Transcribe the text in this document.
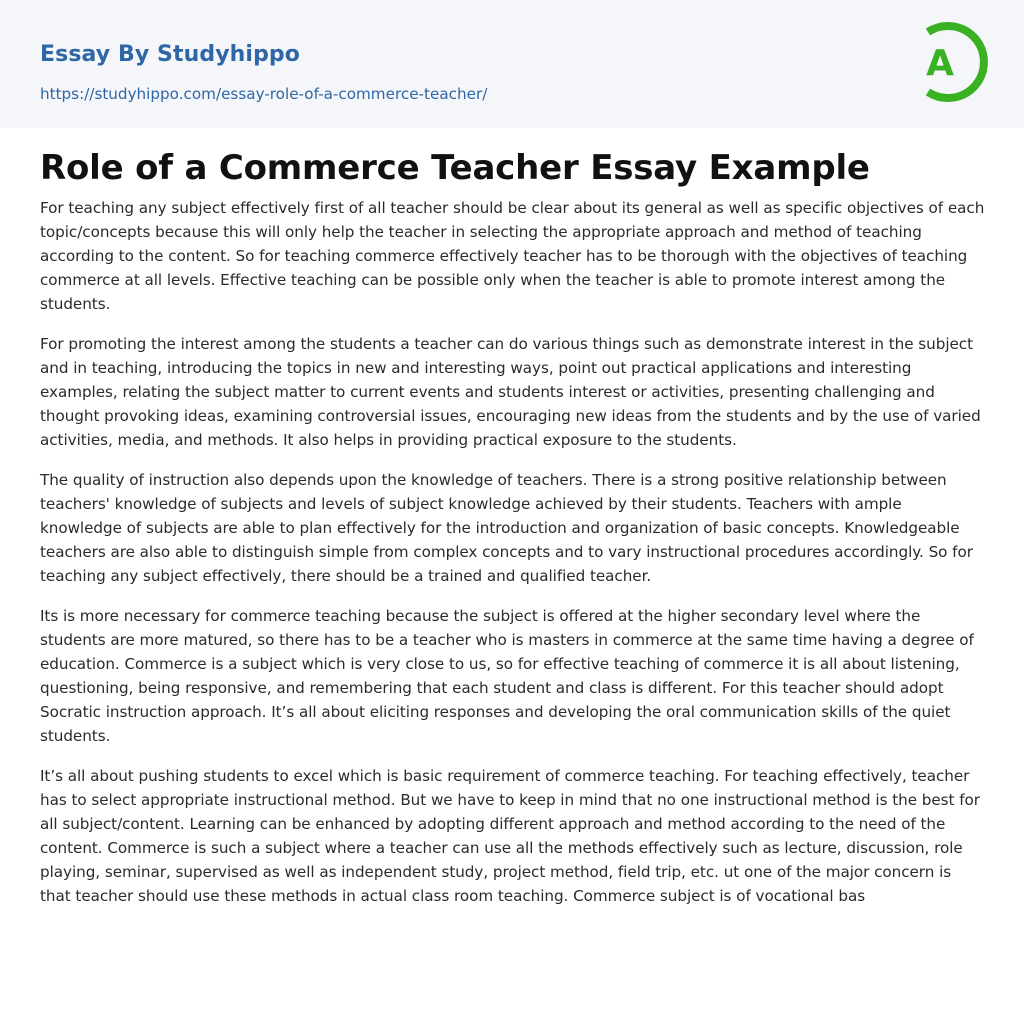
Essay By Studyhippo
https://studyhippo.com/essay-role-of-a-commerce-teacher/
A
Role of a Commerce Teacher Essay Example

For teaching any subject effectively first of all teacher should be clear about its general as well as specific objectives of each topic/concepts because this will only help the teacher in selecting the appropriate approach and method of teaching according to the content. So for teaching commerce effectively teacher has to be thorough with the objectives of teaching commerce at all levels. Effective teaching can be possible only when the teacher is able to promote interest among the students.

For promoting the interest among the students a teacher can do various things such as demonstrate interest in the subject and in teaching, introducing the topics in new and interesting ways, point out practical applications and interesting examples, relating the subject matter to current events and students interest or activities, presenting challenging and thought provoking ideas, examining controversial issues, encouraging new ideas from the students and by the use of varied activities, media, and methods. It also helps in providing practical exposure to the students.

The quality of instruction also depends upon the knowledge of teachers. There is a strong positive relationship between teachers' knowledge of subjects and levels of subject knowledge achieved by their students. Teachers with ample knowledge of subjects are able to plan effectively for the introduction and organization of basic concepts. Knowledgeable teachers are also able to distinguish simple from complex concepts and to vary instructional procedures accordingly. So for teaching any subject effectively, there should be a trained and qualified teacher.

Its is more necessary for commerce teaching because the subject is offered at the higher secondary level where the students are more matured, so there has to be a teacher who is masters in commerce at the same time having a degree of education. Commerce is a subject which is very close to us, so for effective teaching of commerce it is all about listening, questioning, being responsive, and remembering that each student and class is different. For this teacher should adopt Socratic instruction approach. It’s all about eliciting responses and developing the oral communication skills of the quiet students.

It’s all about pushing students to excel which is basic requirement of commerce teaching. For teaching effectively, teacher has to select appropriate instructional method. But we have to keep in mind that no one instructional method is the best for all subject/content. Learning can be enhanced by adopting different approach and method according to the need of the content. Commerce is such a subject where a teacher can use all the methods effectively such as lecture, discussion, role playing, seminar, supervised as well as independent study, project method, field trip, etc. ut one of the major concern is that teacher should use these methods in actual class room teaching. Commerce subject is of vocational bas
